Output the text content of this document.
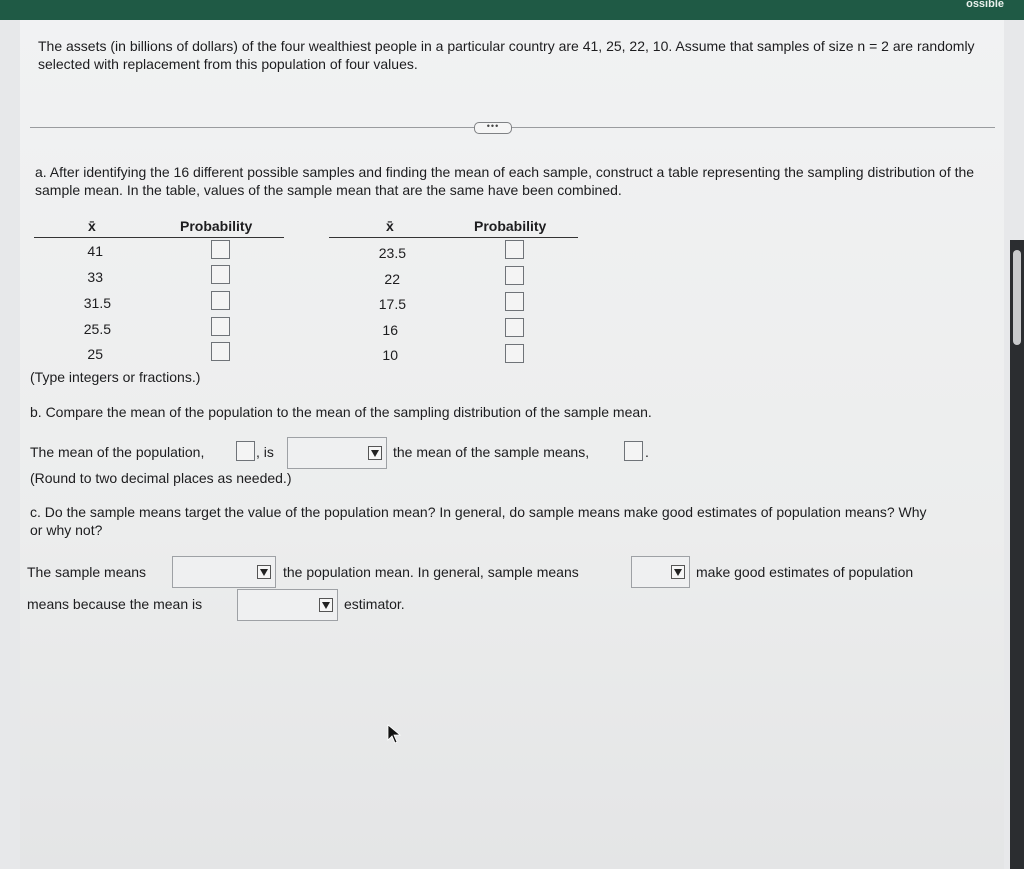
ossible
The assets (in billions of dollars) of the four wealthiest people in a particular country are 41, 25, 22, 10. Assume that samples of size n = 2 are randomly selected with replacement from this population of four values.
•••
a. After identifying the 16 different possible samples and finding the mean of each sample, construct a table representing the sampling distribution of the sample mean. In the table, values of the sample mean that are the same have been combined.
x̄	Probability
41
33
31.5
25.5
25
x̄	Probability
23.5
22
17.5
16
10
(Type integers or fractions.)
b. Compare the mean of the population to the mean of the sampling distribution of the sample mean.
The mean of the population,	, is	the mean of the sample means,	.
(Round to two decimal places as needed.)
c. Do the sample means target the value of the population mean? In general, do sample means make good estimates of population means? Why or why not?
The sample means	the population mean. In general, sample means	make good estimates of population
means because the mean is	estimator.
